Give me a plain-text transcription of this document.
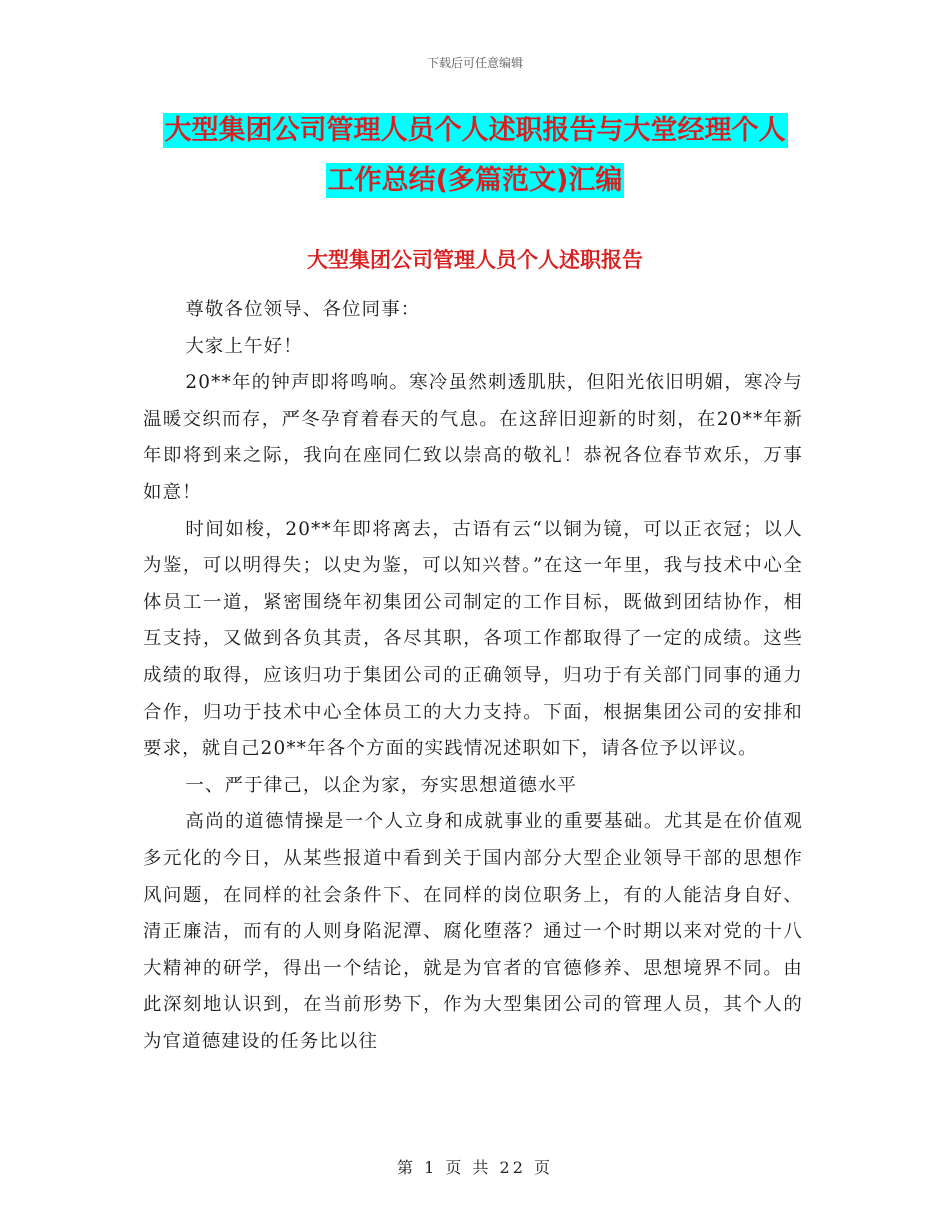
下载后可任意编辑
大型集团公司管理人员个人述职报告与大堂经理个人
工作总结(多篇范文)汇编
大型集团公司管理人员个人述职报告

尊敬各位领导、各位同事：

大家上午好！

20**年的钟声即将鸣响。寒冷虽然刺透肌肤，但阳光依旧明媚，寒冷与温暖交织而存，严冬孕育着春天的气息。在这辞旧迎新的时刻，在20**年新年即将到来之际，我向在座同仁致以崇高的敬礼！恭祝各位春节欢乐，万事如意！

时间如梭，20**年即将离去，古语有云“以铜为镜，可以正衣冠；以人为鉴，可以明得失；以史为鉴，可以知兴替。”在这一年里，我与技术中心全体员工一道，紧密围绕年初集团公司制定的工作目标，既做到团结协作，相互支持，又做到各负其责，各尽其职，各项工作都取得了一定的成绩。这些成绩的取得，应该归功于集团公司的正确领导，归功于有关部门同事的通力合作，归功于技术中心全体员工的大力支持。下面，根据集团公司的安排和要求，就自己20**年各个方面的实践情况述职如下，请各位予以评议。

一、严于律己，以企为家，夯实思想道德水平

高尚的道德情操是一个人立身和成就事业的重要基础。尤其是在价值观多元化的今日，从某些报道中看到关于国内部分大型企业领导干部的思想作风问题，在同样的社会条件下、在同样的岗位职务上，有的人能洁身自好、清正廉洁，而有的人则身陷泥潭、腐化堕落？通过一个时期以来对党的十八大精神的研学，得出一个结论，就是为官者的官德修养、思想境界不同。由此深刻地认识到，在当前形势下，作为大型集团公司的管理人员，其个人的为官道德建设的任务比以往

第 1 页 共 22 页
